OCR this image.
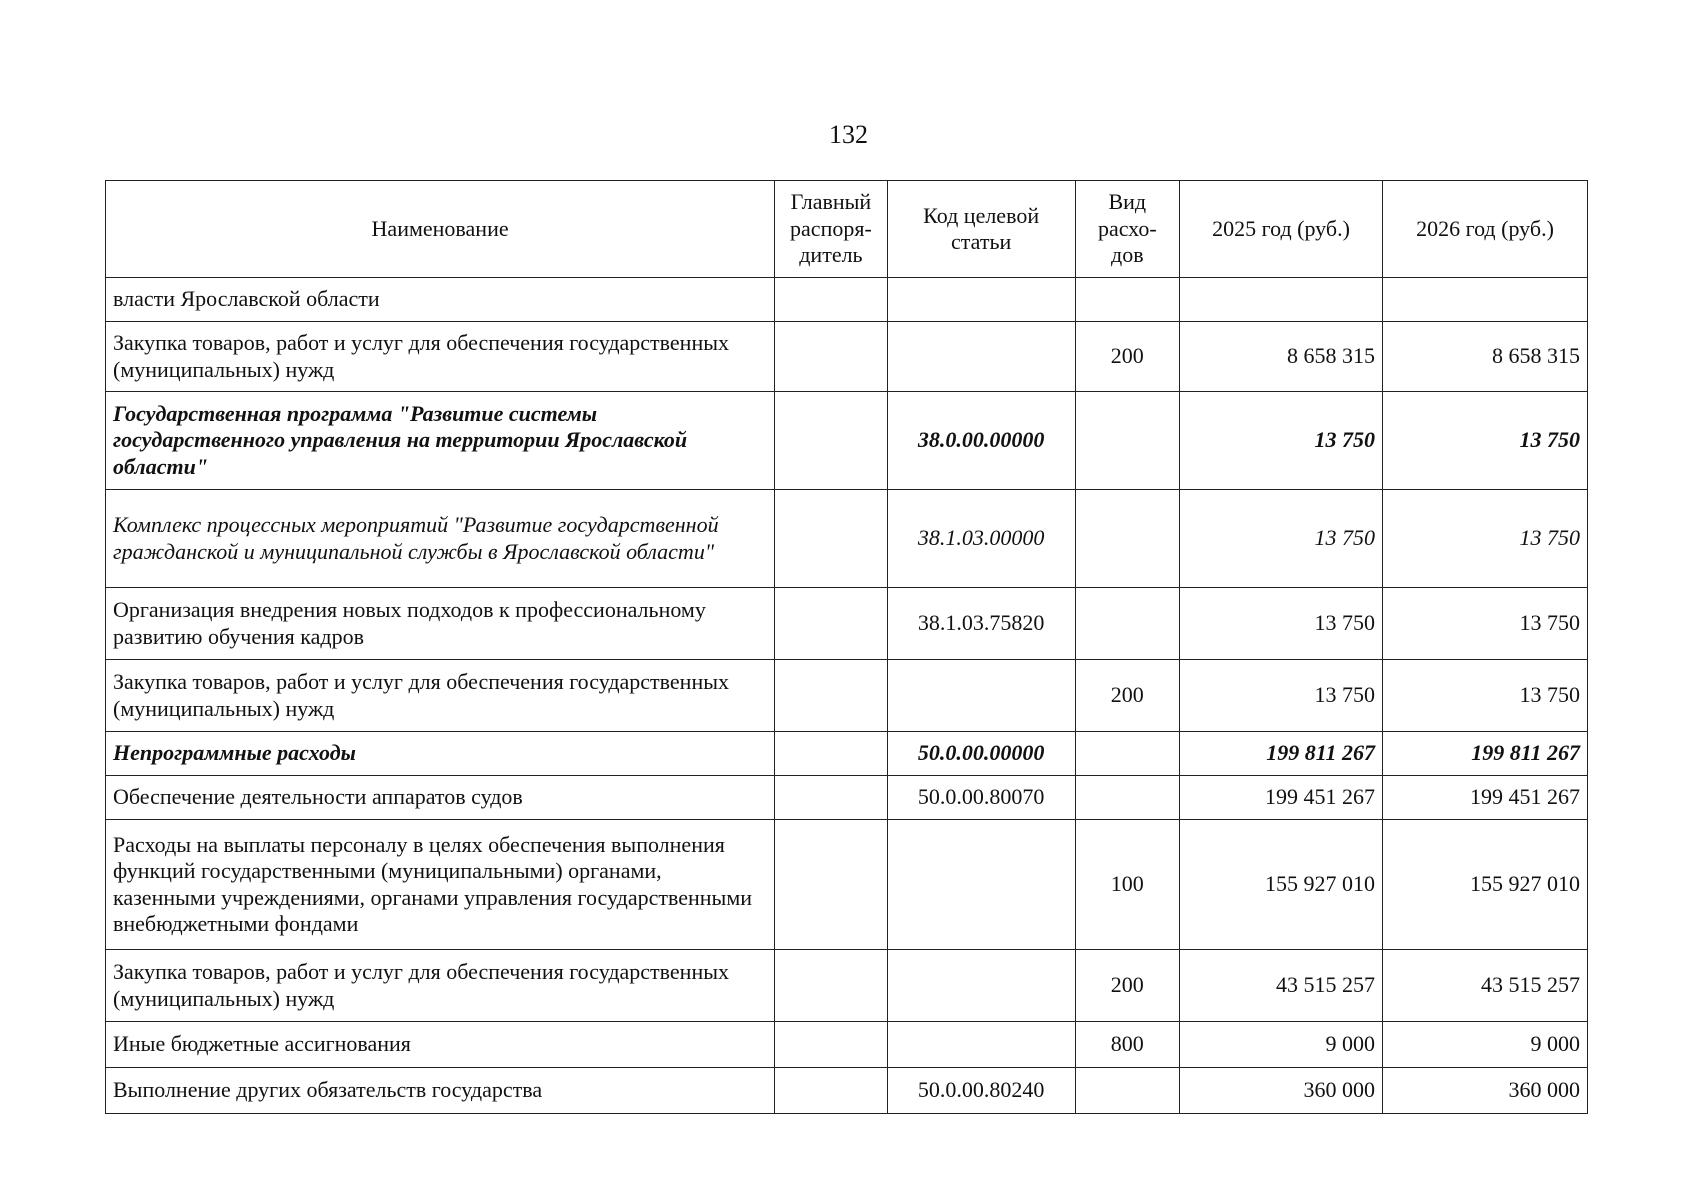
132
Наименование	Главный распоря-дитель	Код целевой статьи	Вид расхо-дов	2025 год (руб.)	2026 год (руб.)
власти Ярославской области					
Закупка товаров, работ и услуг для обеспечения государственных (муниципальных) нужд			200	8 658 315	8 658 315
Государственная программа "Развитие системы государственного управления на территории Ярославской области"		38.0.00.00000		13 750	13 750
Комплекс процессных мероприятий "Развитие государственной гражданской и муниципальной службы в Ярославской области"		38.1.03.00000		13 750	13 750
Организация внедрения новых подходов к профессиональному развитию обучения кадров		38.1.03.75820		13 750	13 750
Закупка товаров, работ и услуг для обеспечения государственных (муниципальных) нужд			200	13 750	13 750
Непрограммные расходы		50.0.00.00000		199 811 267	199 811 267
Обеспечение деятельности аппаратов судов		50.0.00.80070		199 451 267	199 451 267
Расходы на выплаты персоналу в целях обеспечения выполнения функций государственными (муниципальными) органами, казенными учреждениями, органами управления государственными внебюджетными фондами			100	155 927 010	155 927 010
Закупка товаров, работ и услуг для обеспечения государственных (муниципальных) нужд			200	43 515 257	43 515 257
Иные бюджетные ассигнования			800	9 000	9 000
Выполнение других обязательств государства		50.0.00.80240		360 000	360 000
